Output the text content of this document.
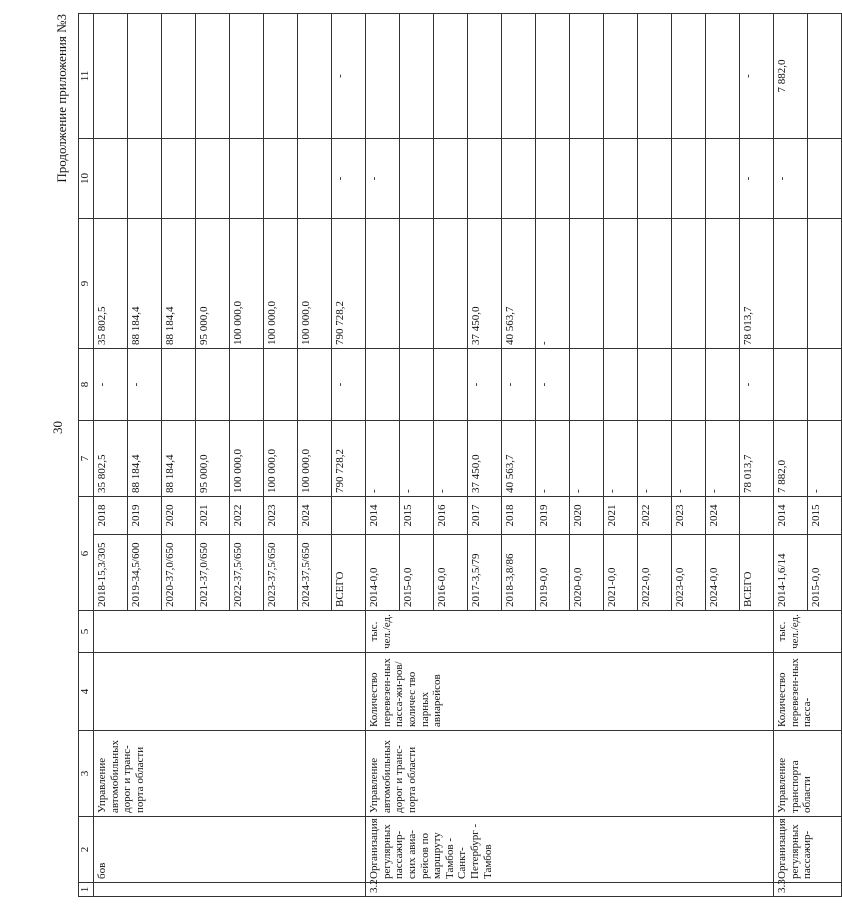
30
Продолжение приложения №3
1	2	3	4	5	6		7	8	9	10	11
	бов	Управление автомобильных дорог и транс-порта области			2018-15,3/305	2018	35 802,5	-	35 802,5		
					2019-34,5/600	2019	88 184,4	-	88 184,4		
					2020-37,0/650	2020	88 184,4		88 184,4		
					2021-37,0/650	2021	95 000,0		95 000,0		
					2022-37,5/650	2022	100 000,0		100 000,0		
					2023-37,5/650	2023	100 000,0		100 000,0		
					2024-37,5/650	2024	100 000,0		100 000,0		
					ВСЕГО		790 728,2	-	790 728,2	-	-
3.2	Организация регулярных пассажир-ских авиа-рейсов по маршруту Тамбов - Санкт-Петербург - Тамбов	Управление автомобильных дорог и транс-порта области	Количество перевезен-ных пасса-жи-ров/количес тво парных авиарейсов	тыс. чел./ед.	2014-0,0	2014	-			-	
					2015-0,0	2015	-				
					2016-0,0	2016	-				
					2017-3,5/79	2017	37 450,0	-	37 450,0		
					2018-3,8/86	2018	40 563,7	-	40 563,7		
					2019-0,0	2019	-	-	-		
					2020-0,0	2020	-				
					2021-0,0	2021	-				
					2022-0,0	2022	-				
					2023-0,0	2023	-				
					2024-0,0	2024	-				
					ВСЕГО		78 013,7	-	78 013,7	-	-
3.3	Организация регулярных пассажир-	Управление транспорта области	Количество перевезен-ных пасса-	тыс. чел./ед.	2014-1,6/14	2014	7 882,0			-	7 882,0
					2015-0,0	2015	-				
